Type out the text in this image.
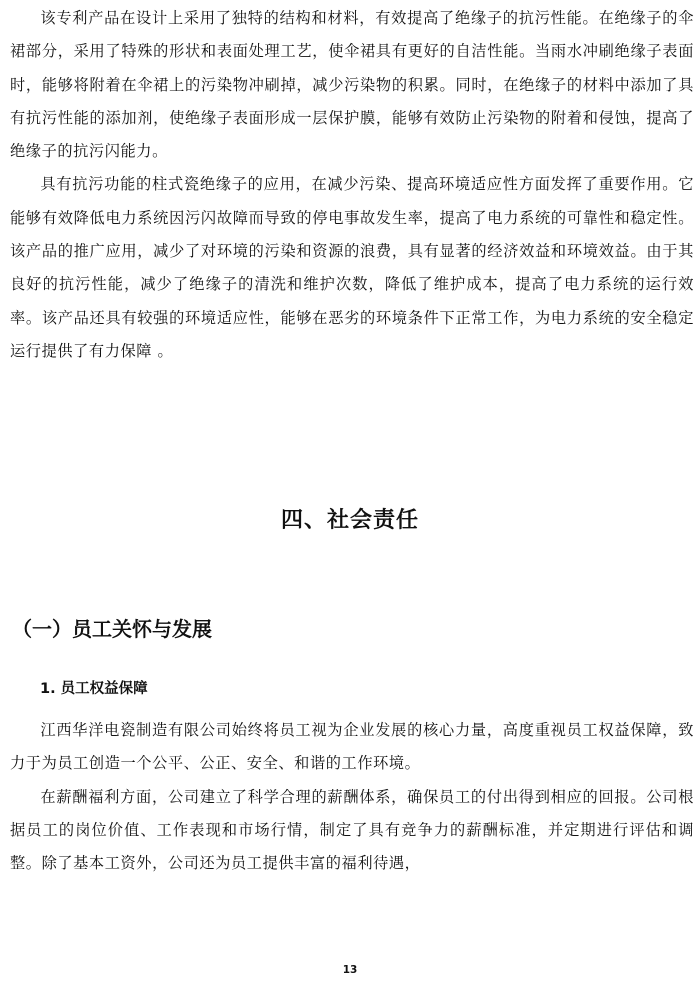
该专利产品在设计上采用了独特的结构和材料，有效提高了绝缘子的抗污性能。在绝缘子的伞裙部分，采用了特殊的形状和表面处理工艺，使伞裙具有更好的自洁性能。当雨水冲刷绝缘子表面时，能够将附着在伞裙上的污染物冲刷掉，减少污染物的积累。同时，在绝缘子的材料中添加了具有抗污性能的添加剂，使绝缘子表面形成一层保护膜，能够有效防止污染物的附着和侵蚀，提高了绝缘子的抗污闪能力。

具有抗污功能的柱式瓷绝缘子的应用，在减少污染、提高环境适应性方面发挥了重要作用。它能够有效降低电力系统因污闪故障而导致的停电事故发生率，提高了电力系统的可靠性和稳定性。该产品的推广应用，减少了对环境的污染和资源的浪费，具有显著的经济效益和环境效益。由于其良好的抗污性能，减少了绝缘子的清洗和维护次数，降低了维护成本，提高了电力系统的运行效率。该产品还具有较强的环境适应性，能够在恶劣的环境条件下正常工作，为电力系统的安全稳定运行提供了有力保障 。

四、社会责任
（一）员工关怀与发展
1. 员工权益保障

江西华洋电瓷制造有限公司始终将员工视为企业发展的核心力量，高度重视员工权益保障，致力于为员工创造一个公平、公正、安全、和谐的工作环境。

在薪酬福利方面，公司建立了科学合理的薪酬体系，确保员工的付出得到相应的回报。公司根据员工的岗位价值、工作表现和市场行情，制定了具有竞争力的薪酬标准，并定期进行评估和调整。除了基本工资外，公司还为员工提供丰富的福利待遇，

13
